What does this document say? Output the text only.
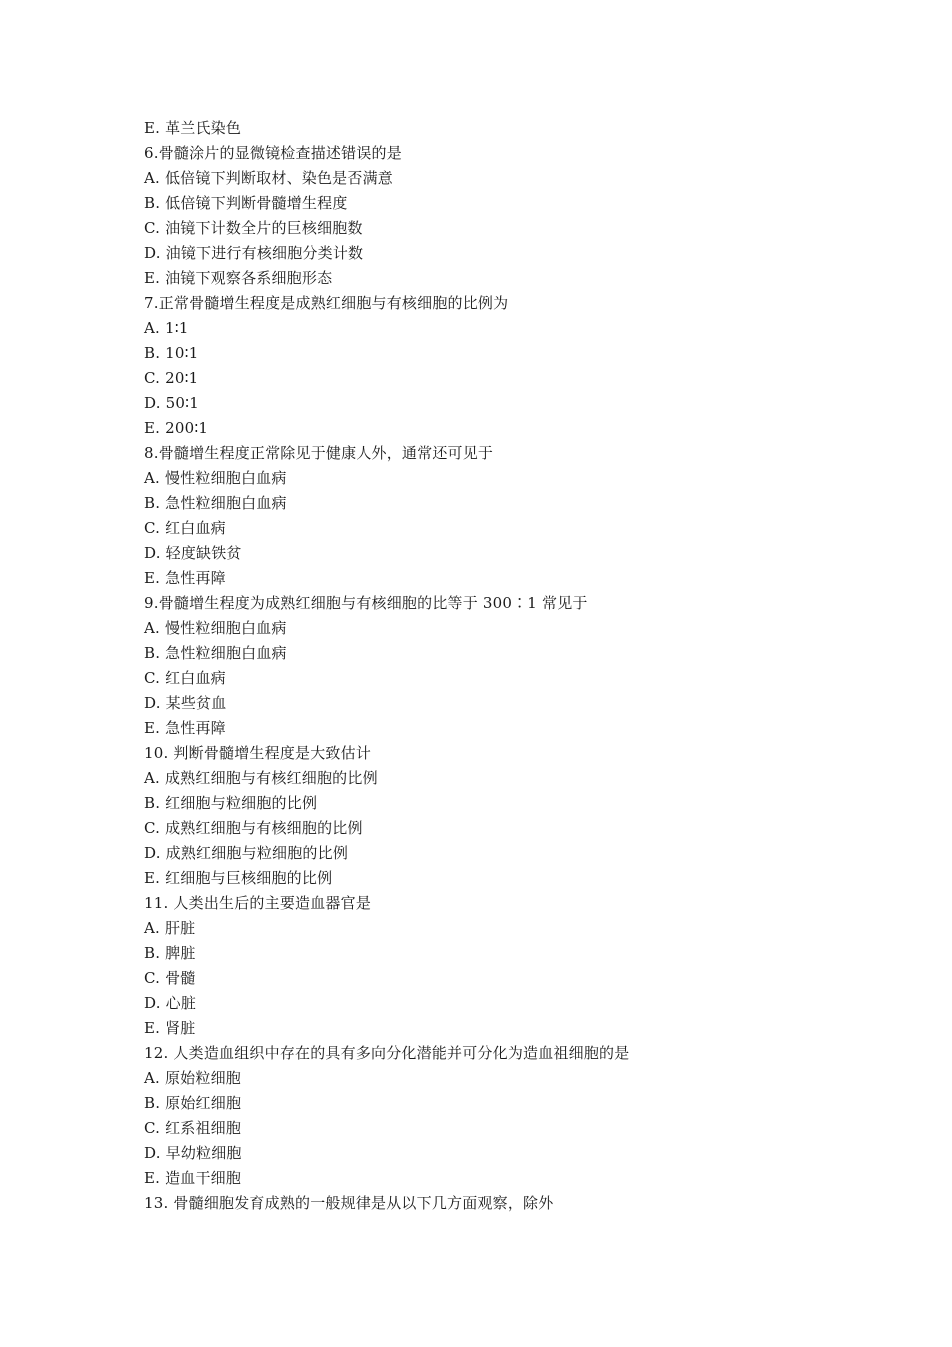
E. 革兰氏染色
6.骨髓涂片的显微镜检查描述错误的是
A. 低倍镜下判断取材、染色是否满意
B. 低倍镜下判断骨髓增生程度
C. 油镜下计数全片的巨核细胞数
D. 油镜下进行有核细胞分类计数
E. 油镜下观察各系细胞形态
7.正常骨髓增生程度是成熟红细胞与有核细胞的比例为
A. 1∶1
B. 10∶1
C. 20∶1
D. 50∶1
E. 200∶1
8.骨髓增生程度正常除见于健康人外，通常还可见于
A. 慢性粒细胞白血病
B. 急性粒细胞白血病
C. 红白血病
D. 轻度缺铁贫
E. 急性再障
9.骨髓增生程度为成熟红细胞与有核细胞的比等于 300∶1 常见于
A. 慢性粒细胞白血病
B. 急性粒细胞白血病
C. 红白血病
D. 某些贫血
E. 急性再障
10. 判断骨髓增生程度是大致估计
A. 成熟红细胞与有核红细胞的比例
B. 红细胞与粒细胞的比例
C. 成熟红细胞与有核细胞的比例
D. 成熟红细胞与粒细胞的比例
E. 红细胞与巨核细胞的比例
11. 人类出生后的主要造血器官是
A. 肝脏
B. 脾脏
C. 骨髓
D. 心脏
E. 肾脏
12. 人类造血组织中存在的具有多向分化潜能并可分化为造血祖细胞的是
A. 原始粒细胞
B. 原始红细胞
C. 红系祖细胞
D. 早幼粒细胞
E. 造血干细胞
13. 骨髓细胞发育成熟的一般规律是从以下几方面观察，除外
